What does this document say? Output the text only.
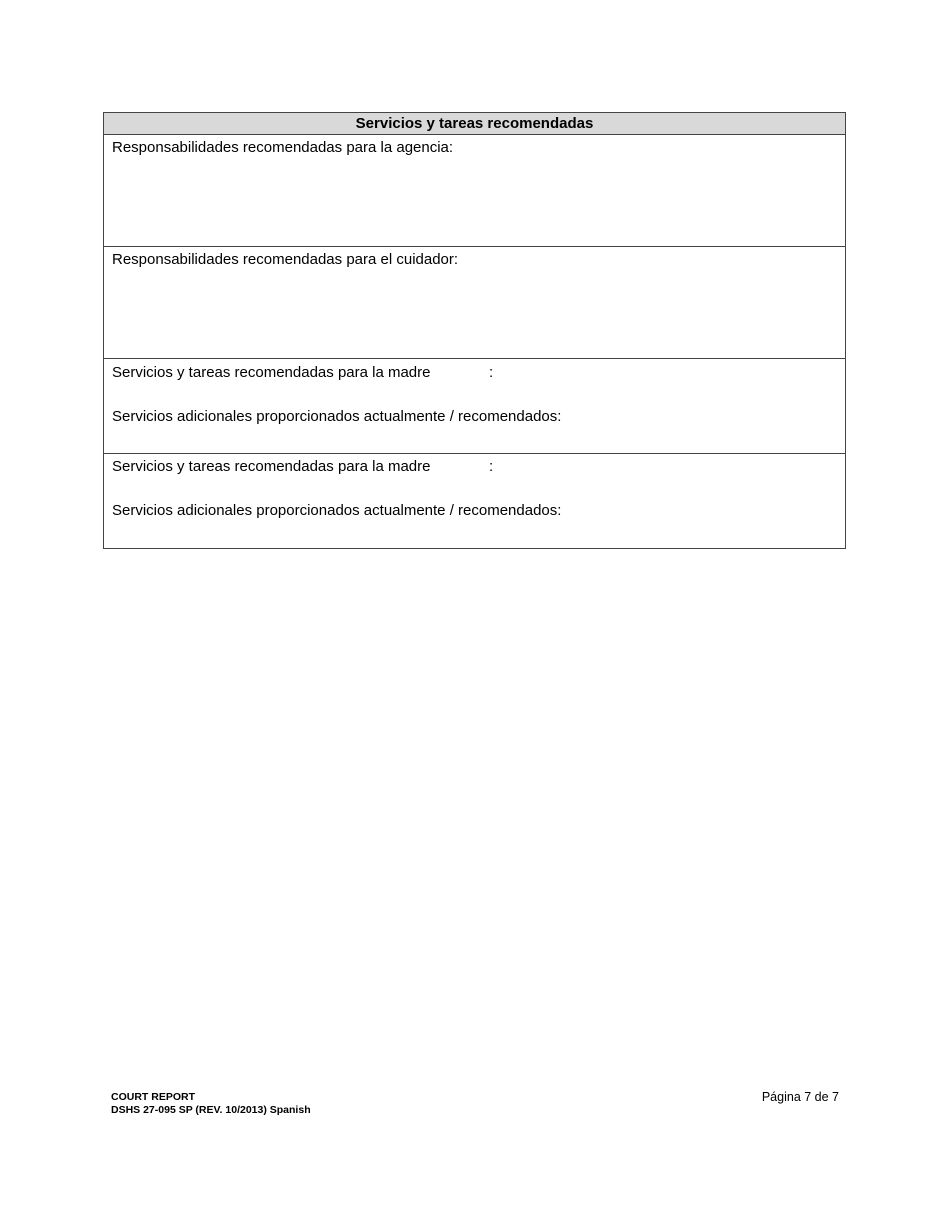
Servicios y tareas recomendadas
Responsabilidades recomendadas para la agencia:
Responsabilidades recomendadas para el cuidador:
Servicios y tareas recomendadas para la madre	:
Servicios adicionales proporcionados actualmente / recomendados:
Servicios y tareas recomendadas para la madre	:
Servicios adicionales proporcionados actualmente / recomendados:
COURT REPORT
DSHS 27-095 SP (REV. 10/2013) Spanish
Página 7 de 7
